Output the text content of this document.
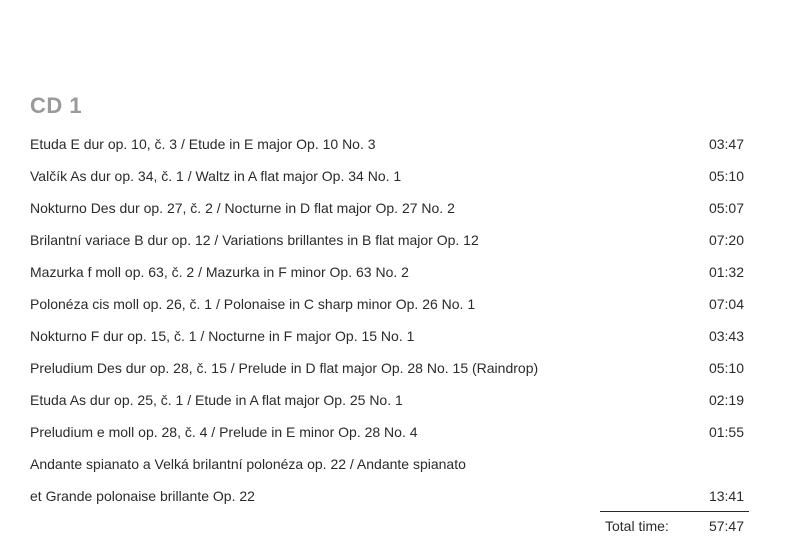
CD 1
Etuda E dur op. 10, č. 3 / Etude in E major Op. 10 No. 3	03:47
Valčík As dur op. 34, č. 1 / Waltz in A flat major Op. 34 No. 1	05:10
Nokturno Des dur op. 27, č. 2 / Nocturne in D flat major Op. 27 No. 2	05:07
Brilantní variace B dur op. 12 / Variations brillantes in B flat major Op. 12	07:20
Mazurka f moll op. 63, č. 2 / Mazurka in F minor Op. 63 No. 2	01:32
Polonéza cis moll op. 26, č. 1 / Polonaise in C sharp minor Op. 26 No. 1	07:04
Nokturno F dur op. 15, č. 1 / Nocturne in F major Op. 15 No. 1	03:43
Preludium Des dur op. 28, č. 15 / Prelude in D flat major Op. 28 No. 15 (Raindrop)	05:10
Etuda As dur op. 25, č. 1 / Etude in A flat major Op. 25 No. 1	02:19
Preludium e moll op. 28, č. 4 / Prelude in E minor Op. 28 No. 4	01:55
Andante spianato a Velká brilantní polonéza op. 22 / Andante spianato
et Grande polonaise brillante Op. 22	13:41
Total time:	57:47
